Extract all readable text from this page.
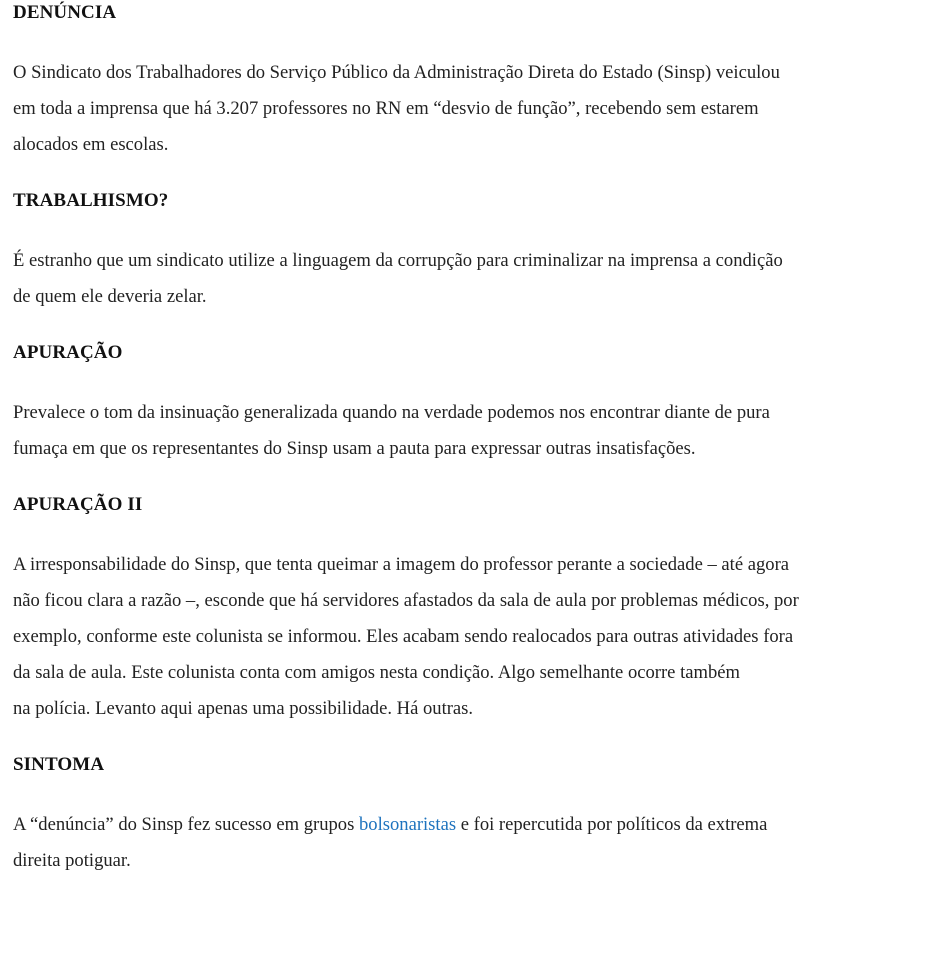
DENÚNCIA

O Sindicato dos Trabalhadores do Serviço Público da Administração Direta do Estado (Sinsp) veiculou
em toda a imprensa que há 3.207 professores no RN em “desvio de função”, recebendo sem estarem
alocados em escolas.

TRABALHISMO?

É estranho que um sindicato utilize a linguagem da corrupção para criminalizar na imprensa a condição
de quem ele deveria zelar.

APURAÇÃO

Prevalece o tom da insinuação generalizada quando na verdade podemos nos encontrar diante de pura
fumaça em que os representantes do Sinsp usam a pauta para expressar outras insatisfações.

APURAÇÃO II

A irresponsabilidade do Sinsp, que tenta queimar a imagem do professor perante a sociedade – até agora
não ficou clara a razão –, esconde que há servidores afastados da sala de aula por problemas médicos, por
exemplo, conforme este colunista se informou. Eles acabam sendo realocados para outras atividades fora
da sala de aula. Este colunista conta com amigos nesta condição. Algo semelhante ocorre também
na polícia. Levanto aqui apenas uma possibilidade. Há outras.

SINTOMA

A “denúncia” do Sinsp fez sucesso em grupos bolsonaristas e foi repercutida por políticos da extrema
direita potiguar.
